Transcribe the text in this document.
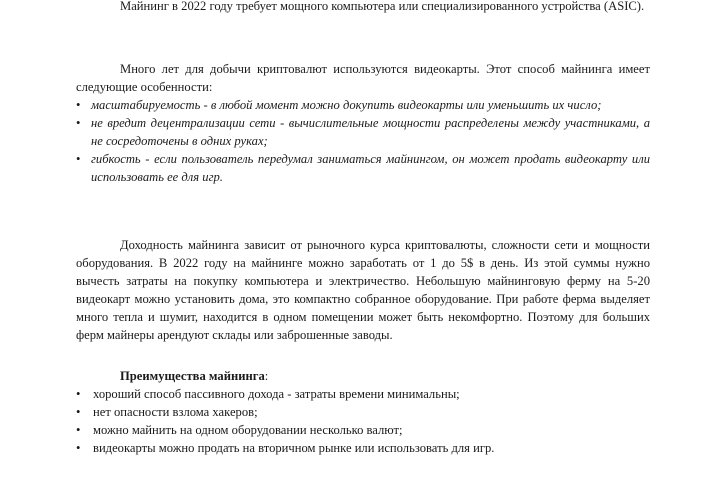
Майнинг в 2022 году требует мощного компьютера или специализированного устройства (ASIC).

Много лет для добычи криптовалют используются видеокарты. Этот способ майнинга имеет следующие особенности:

• масштабируемость - в любой момент можно докупить видеокарты или уменьшить их число;
• не вредит децентрализации сети - вычислительные мощности распределены между участниками, а не сосредоточены в одних руках;
• гибкость - если пользователь передумал заниматься майнингом, он может продать видеокарту или использовать ее для игр.

Доходность майнинга зависит от рыночного курса криптовалюты, сложности сети и мощности оборудования. В 2022 году на майнинге можно заработать от 1 до 5$ в день. Из этой суммы нужно вычесть затраты на покупку компьютера и электричество. Небольшую майнинговую ферму на 5-20 видеокарт можно установить дома, это компактно собранное оборудование. При работе ферма выделяет много тепла и шумит, находится в одном помещении может быть некомфортно. Поэтому для больших ферм майнеры арендуют склады или заброшенные заводы.

Преимущества майнинга:

• хороший способ пассивного дохода - затраты времени минимальны;
• нет опасности взлома хакеров;
• можно майнить на одном оборудовании несколько валют;
• видеокарты можно продать на вторичном рынке или использовать для игр.
